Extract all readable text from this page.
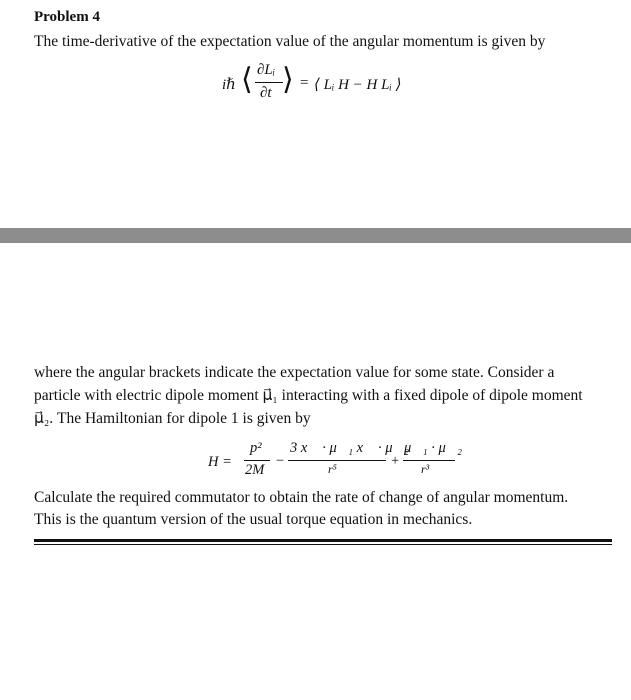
Problem 4
The time-derivative of the expectation value of the angular momentum is given by
iℏ ⟨ ∂Lᵢ
∂t ⟩ = ⟨ Lᵢ H − H Lᵢ ⟩
where the angular brackets indicate the expectation value for some state. Consider a
particle with electric dipole moment μ⃗₁ interacting with a fixed dipole of dipole moment
μ⃗₂. The Hamiltonian for dipole 1 is given by
H =
p²
2M
−
3 x⃗ · μ⃗₁ x⃗ · μ⃗₂
r⁵	+
μ⃗₁ · μ⃗₂
r³
Calculate the required commutator to obtain the rate of change of angular momentum.
This is the quantum version of the usual torque equation in mechanics.
